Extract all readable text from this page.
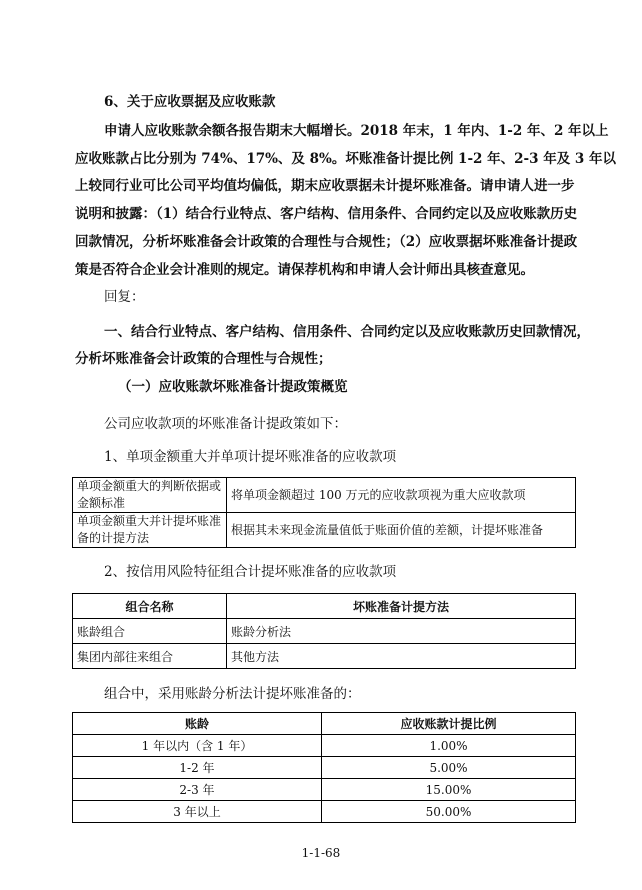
6、关于应收票据及应收账款
申请人应收账款余额各报告期末大幅增长。2018 年末，1 年内、1-2 年、2 年以上
应收账款占比分别为 74%、17%、及 8%。坏账准备计提比例 1-2 年、2-3 年及 3 年以
上较同行业可比公司平均值均偏低，期末应收票据未计提坏账准备。请申请人进一步
说明和披露：（1）结合行业特点、客户结构、信用条件、合同约定以及应收账款历史
回款情况，分析坏账准备会计政策的合理性与合规性；（2）应收票据坏账准备计提政
策是否符合企业会计准则的规定。请保荐机构和申请人会计师出具核查意见。
回复：
一、结合行业特点、客户结构、信用条件、合同约定以及应收账款历史回款情况，
分析坏账准备会计政策的合理性与合规性；
（一）应收账款坏账准备计提政策概览
公司应收款项的坏账准备计提政策如下：
1、单项金额重大并单项计提坏账准备的应收款项
单项金额重大的判断依据或金额标准	将单项金额超过 100 万元的应收款项视为重大应收款项
单项金额重大并计提坏账准备的计提方法	根据其未来现金流量值低于账面价值的差额，计提坏账准备
2、按信用风险特征组合计提坏账准备的应收款项
组合名称	坏账准备计提方法
账龄组合	账龄分析法
集团内部往来组合	其他方法
组合中，采用账龄分析法计提坏账准备的：
账龄	应收账款计提比例
1 年以内（含 1 年）	1.00%
1-2 年	5.00%
2-3 年	15.00%
3 年以上	50.00%
1-1-68
